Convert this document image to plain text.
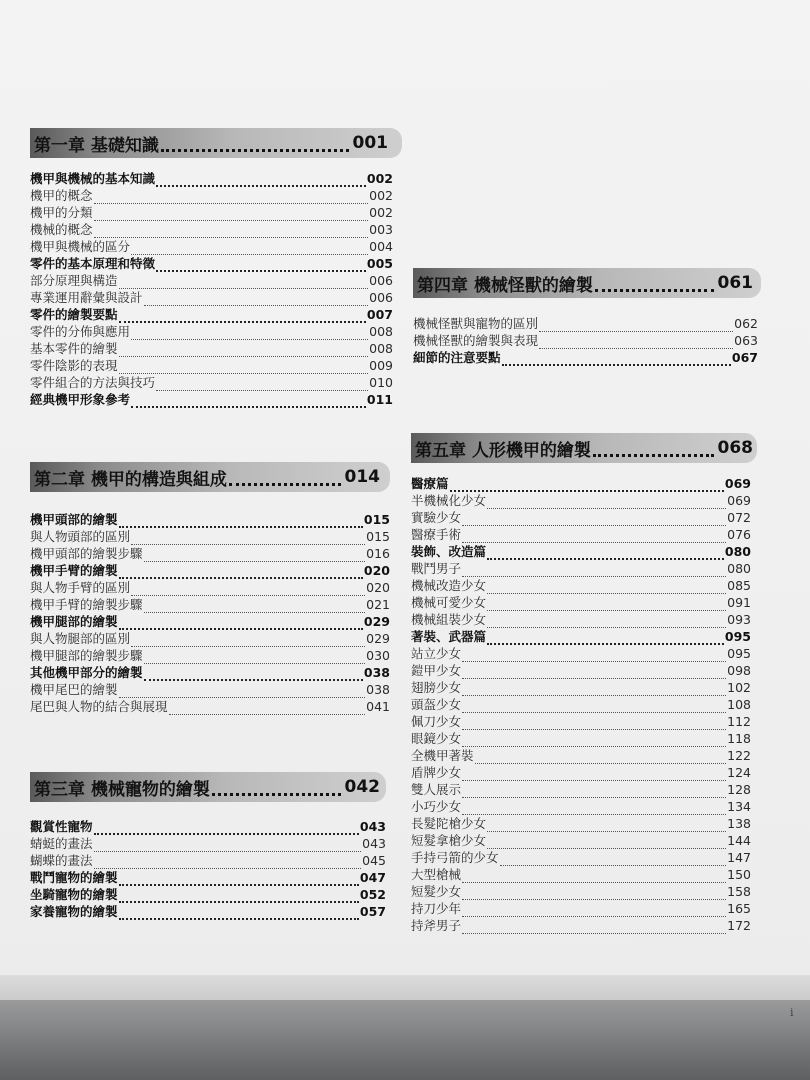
第一章 基礎知識	001
機甲與機械的基本知識	002
機甲的概念	002
機甲的分類	002
機械的概念	003
機甲與機械的區分	004
零件的基本原理和特徵	005
部分原理與構造	006
專業運用辭彙與設計	006
零件的繪製要點	007
零件的分佈與應用	008
基本零件的繪製	008
零件陰影的表現	009
零件組合的方法與技巧	010
經典機甲形象參考	011
第二章 機甲的構造與組成	014
機甲頭部的繪製	015
與人物頭部的區別	015
機甲頭部的繪製步驟	016
機甲手臂的繪製	020
與人物手臂的區別	020
機甲手臂的繪製步驟	021
機甲腿部的繪製	029
與人物腿部的區別	029
機甲腿部的繪製步驟	030
其他機甲部分的繪製	038
機甲尾巴的繪製	038
尾巴與人物的結合與展現	041
第三章 機械寵物的繪製	042
觀賞性寵物	043
蜻蜓的畫法	043
蝴蝶的畫法	045
戰鬥寵物的繪製	047
坐騎寵物的繪製	052
家養寵物的繪製	057
第四章 機械怪獸的繪製	061
機械怪獸與寵物的區別	062
機械怪獸的繪製與表現	063
細節的注意要點	067
第五章 人形機甲的繪製	068
醫療篇	069
半機械化少女	069
實驗少女	072
醫療手術	076
裝飾、改造篇	080
戰鬥男子	080
機械改造少女	085
機械可愛少女	091
機械組裝少女	093
著裝、武器篇	095
站立少女	095
鎧甲少女	098
翅膀少女	102
頭盔少女	108
佩刀少女	112
眼鏡少女	118
全機甲著裝	122
盾牌少女	124
雙人展示	128
小巧少女	134
長髮陀槍少女	138
短髮拿槍少女	144
手持弓箭的少女	147
大型槍械	150
短髮少女	158
持刀少年	165
持斧男子	172
i
